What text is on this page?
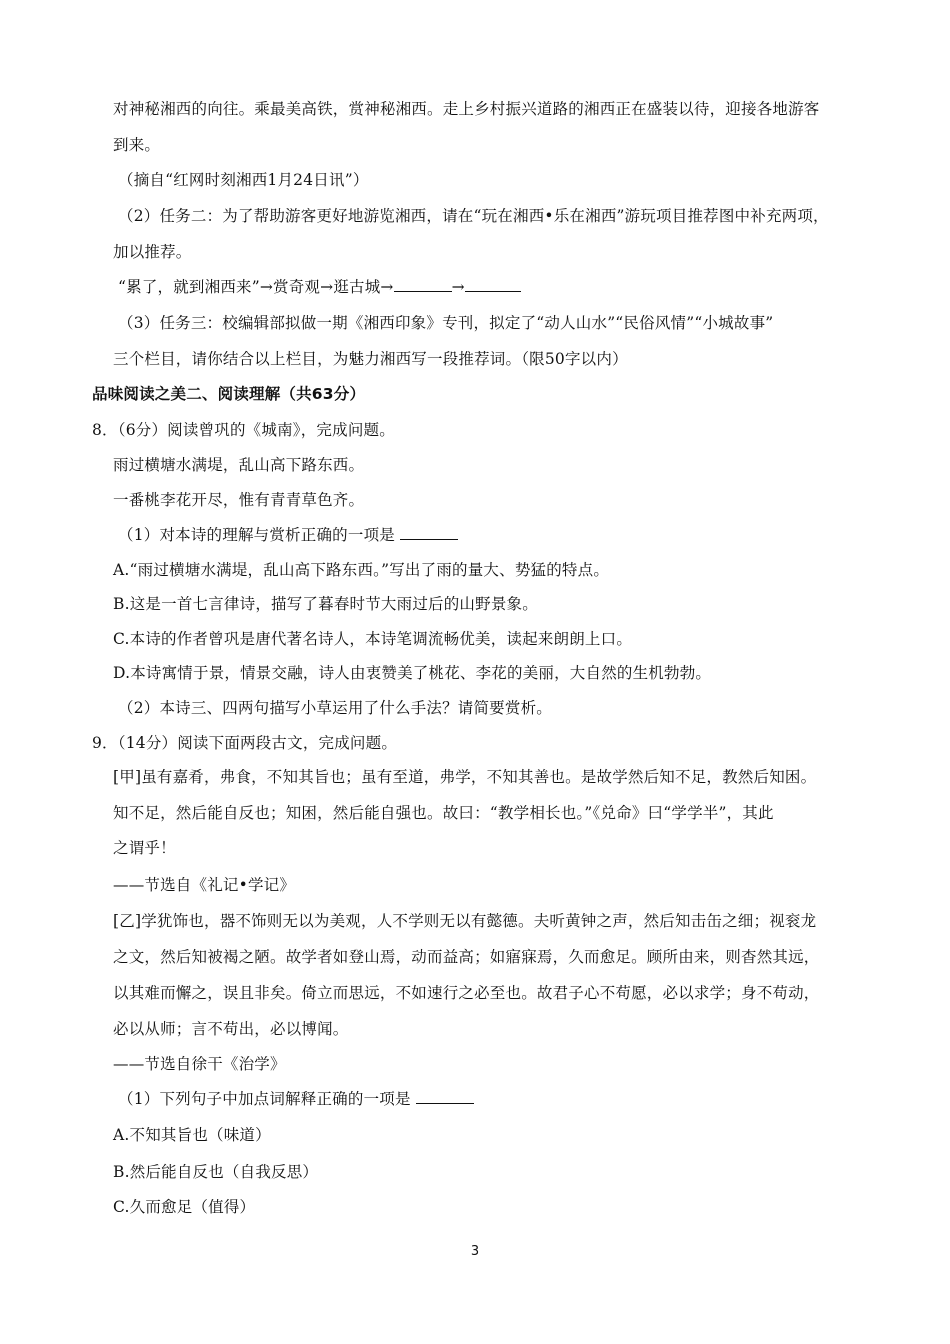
对神秘湘西的向往。乘最美高铁，赏神秘湘西。走上乡村振兴道路的湘西正在盛装以待，迎接各地游客
到来。
（摘自“红网时刻湘西1月24日讯”）
（2）任务二：为了帮助游客更好地游览湘西，请在“玩在湘西•乐在湘西”游玩项目推荐图中补充两项，
加以推荐。
“累了，就到湘西来”→赏奇观→逛古城→	→
（3）任务三：校编辑部拟做一期《湘西印象》专刊，拟定了“动人山水”“民俗风情”“小城故事”
三个栏目，请你结合以上栏目，为魅力湘西写一段推荐词。（限50字以内）
品味阅读之美二、阅读理解（共63分）
8．（6分）阅读曾巩的《城南》，完成问题。
雨过横塘水满堤，乱山高下路东西。
一番桃李花开尽，惟有青青草色齐。
（1）对本诗的理解与赏析正确的一项是
A.“雨过横塘水满堤，乱山高下路东西。”写出了雨的量大、势猛的特点。
B.这是一首七言律诗，描写了暮春时节大雨过后的山野景象。
C.本诗的作者曾巩是唐代著名诗人，本诗笔调流畅优美，读起来朗朗上口。
D.本诗寓情于景，情景交融，诗人由衷赞美了桃花、李花的美丽，大自然的生机勃勃。
（2）本诗三、四两句描写小草运用了什么手法？请简要赏析。
9．（14分）阅读下面两段古文，完成问题。
[甲]虽有嘉肴，弗食，不知其旨也；虽有至道，弗学，不知其善也。是故学然后知不足，教然后知困。
知不足，然后能自反也；知困，然后能自强也。故曰：“教学相长也。”《兑命》曰“学学半”，其此
之谓乎！
——节选自《礼记•学记》
[乙]学犹饰也，器不饰则无以为美观，人不学则无以有懿德。夫听黄钟之声，然后知击缶之细；视衮龙
之文，然后知被褐之陋。故学者如登山焉，动而益高；如寤寐焉，久而愈足。顾所由来，则杳然其远，
以其难而懈之，误且非矣。倚立而思远，不如速行之必至也。故君子心不苟愿，必以求学；身不苟动，
必以从师；言不苟出，必以博闻。
——节选自徐干《治学》
（1）下列句子中加点词解释正确的一项是
A.不知其旨也（味道）
B.然后能自反也（自我反思）
C.久而愈足（值得）
3
